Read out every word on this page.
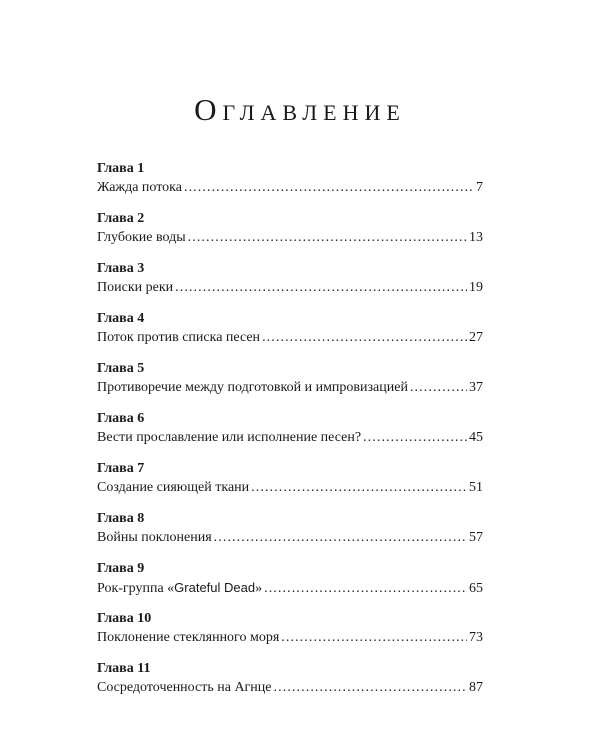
Оглавление
Глава 1
Жажда потока . . .	7
Глава 2
Глубокие воды . . .	13
Глава 3
Поиски реки . . .	19
Глава 4
Поток против списка песен . . .	27
Глава 5
Противоречие между подготовкой и импровизацией . . .	37
Глава 6
Вести прославление или исполнение песен? . . .	45
Глава 7
Создание сияющей ткани . . .	51
Глава 8
Войны поклонения . . .	57
Глава 9
Рок-группа «Grateful Dead» . . .	65
Глава 10
Поклонение стеклянного моря . . .	73
Глава 11
Сосредоточенность на Агнце . . .	87
